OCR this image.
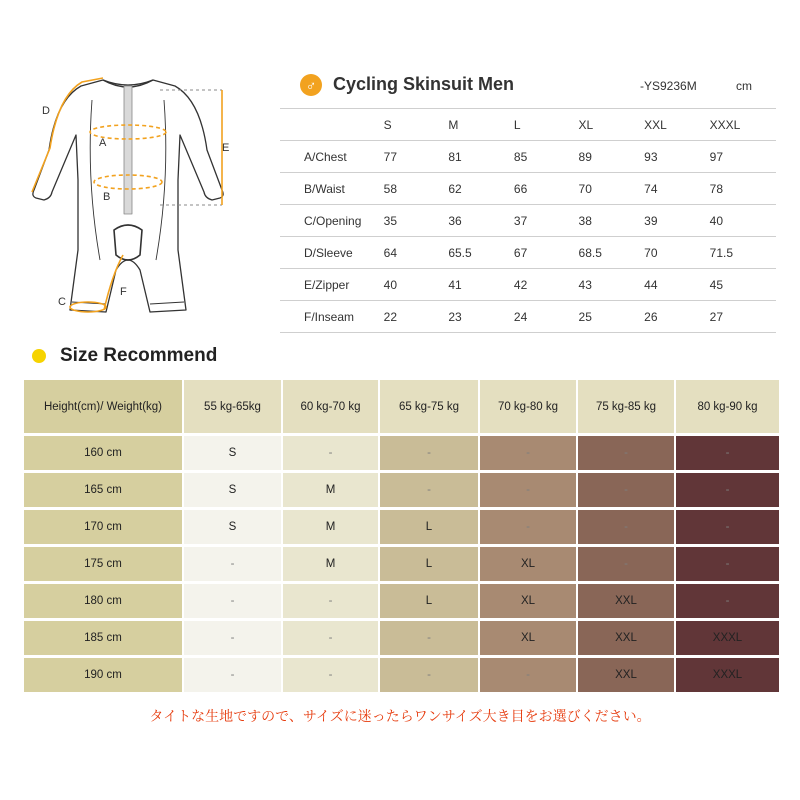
D
A
B
C
E
F
♂ Cycling Skinsuit Men	-YS9236M	cm
	S	M	L	XL	XXL	XXXL
A/Chest	77	81	85	89	93	97
B/Waist	58	62	66	70	74	78
C/Opening	35	36	37	38	39	40
D/Sleeve	64	65.5	67	68.5	70	71.5
E/Zipper	40	41	42	43	44	45
F/Inseam	22	23	24	25	26	27
Size Recommend
Height(cm)/ Weight(kg)	55 kg-65kg	60 kg-70 kg	65 kg-75 kg	70 kg-80 kg	75 kg-85 kg	80 kg-90 kg
160 cm	S	-	-	-	-	-
165 cm	S	M	-	-	-	-
170 cm	S	M	L	-	-	-
175 cm	-	M	L	XL	-	-
180 cm	-	-	L	XL	XXL	-
185 cm	-	-	-	XL	XXL	XXXL
190 cm	-	-	-	-	XXL	XXXL
タイトな生地ですので、サイズに迷ったらワンサイズ大き目をお選びください。
